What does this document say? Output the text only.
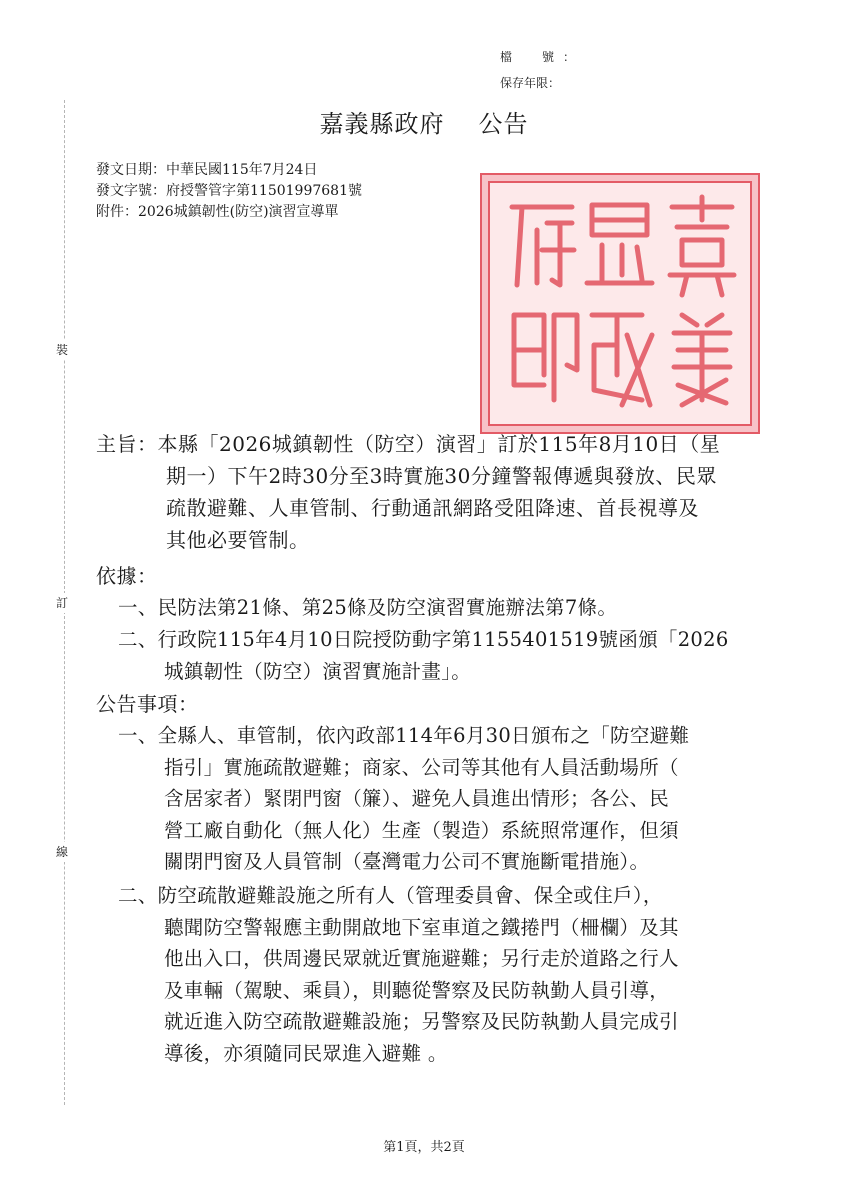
檔　號：
保存年限：
裝
訂
線
嘉義縣政府 公告
發文日期：中華民國115年7月24日
發文字號：府授警管字第11501997681號
附件：2026城鎮韌性(防空)演習宣導單
主旨：本縣「2026城鎮韌性（防空）演習」訂於115年8月10日（星
期一）下午2時30分至3時實施30分鐘警報傳遞與發放、民眾
疏散避難、人車管制、行動通訊網路受阻降速、首長視導及
其他必要管制。
依據：
一、民防法第21條、第25條及防空演習實施辦法第7條。
二、行政院115年4月10日院授防動字第1155401519號函頒「2026
城鎮韌性（防空）演習實施計畫」。
公告事項：
一、全縣人、車管制，依內政部114年6月30日頒布之「防空避難
指引」實施疏散避難；商家、公司等其他有人員活動場所（
含居家者）緊閉門窗（簾）、避免人員進出情形；各公、民
營工廠自動化（無人化）生產（製造）系統照常運作，但須
關閉門窗及人員管制（臺灣電力公司不實施斷電措施）。
二、防空疏散避難設施之所有人（管理委員會、保全或住戶），
聽聞防空警報應主動開啟地下室車道之鐵捲門（柵欄）及其
他出入口，供周邊民眾就近實施避難；另行走於道路之行人
及車輛（駕駛、乘員），則聽從警察及民防執勤人員引導，
就近進入防空疏散避難設施；另警察及民防執勤人員完成引
導後，亦須隨同民眾進入避難 。
第1頁，共2頁
